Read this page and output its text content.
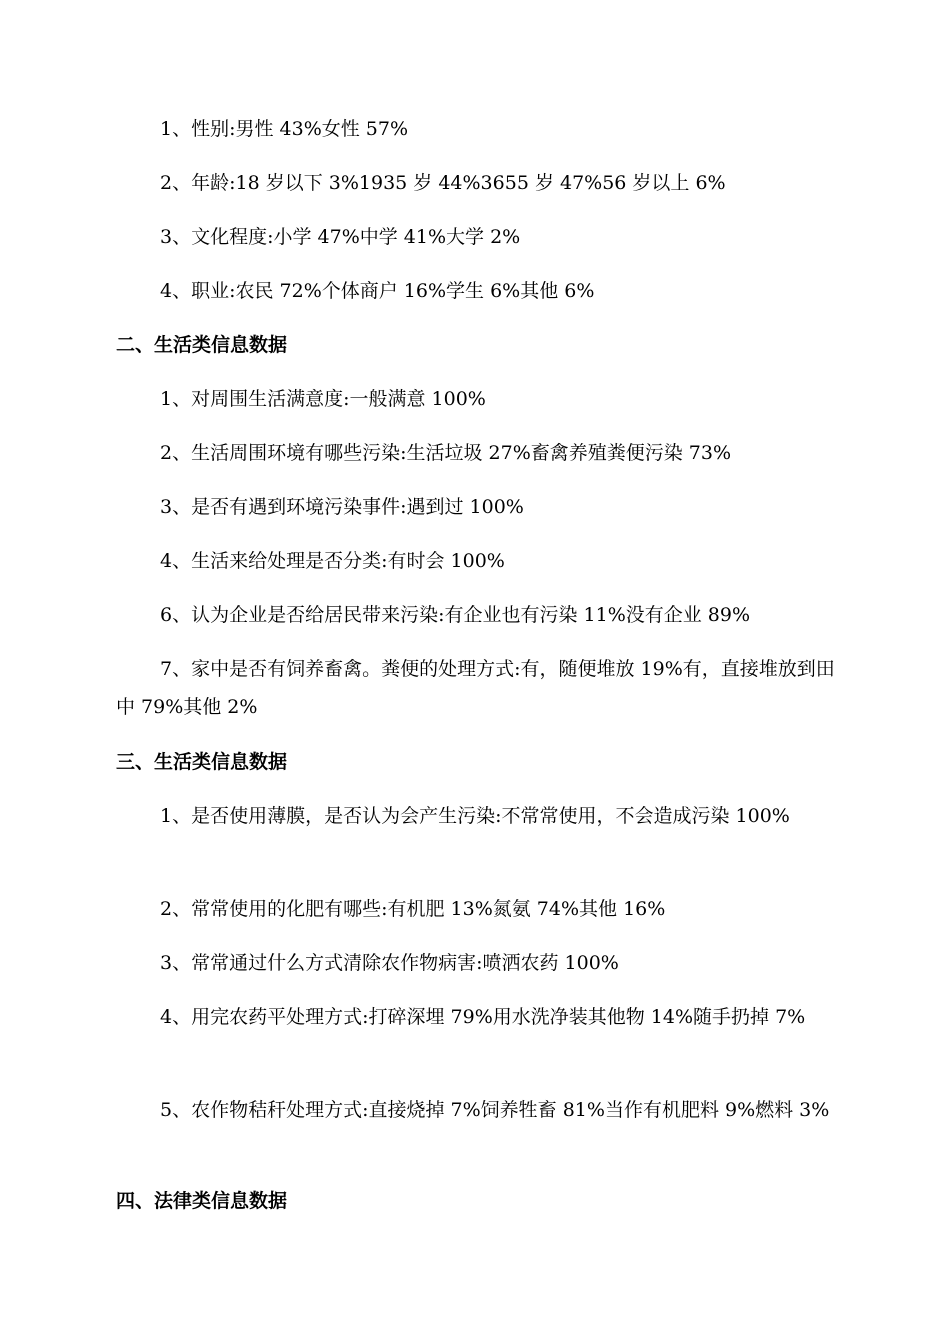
1、性别:男性 43%女性 57%
2、年龄:18 岁以下 3%1935 岁 44%3655 岁 47%56 岁以上 6%
3、文化程度:小学 47%中学 41%大学 2%
4、职业:农民 72%个体商户 16%学生 6%其他 6%
二、生活类信息数据
1、对周围生活满意度:一般满意 100%
2、生活周围环境有哪些污染:生活垃圾 27%畜禽养殖粪便污染 73%
3、是否有遇到环境污染事件:遇到过 100%
4、生活来给处理是否分类:有时会 100%
6、认为企业是否给居民带来污染:有企业也有污染 11%没有企业 89%
7、家中是否有饲养畜禽。粪便的处理方式:有，随便堆放 19%有，直接堆放到田中 79%其他 2%
三、生活类信息数据
1、是否使用薄膜，是否认为会产生污染:不常常使用，不会造成污染 100%
2、常常使用的化肥有哪些:有机肥 13%氮氨 74%其他 16%
3、常常通过什么方式清除农作物病害:喷洒农药 100%
4、用完农药平处理方式:打碎深埋 79%用水洗净装其他物 14%随手扔掉 7%
5、农作物秸秆处理方式:直接烧掉 7%饲养牲畜 81%当作有机肥料 9%燃料 3%
四、法律类信息数据
